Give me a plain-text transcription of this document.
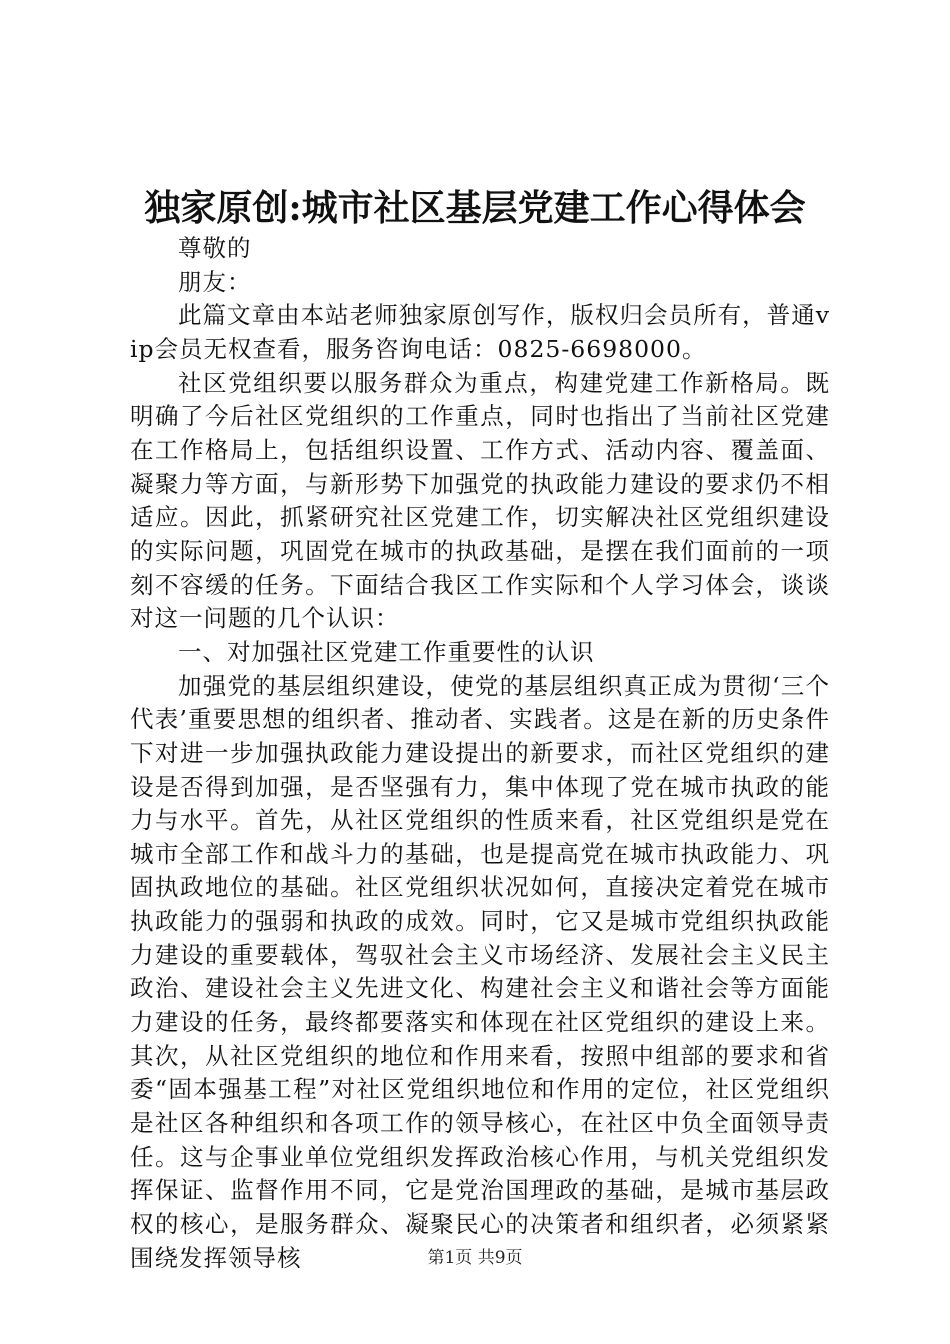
独家原创:城市社区基层党建工作心得体会

尊敬的

朋友：

此篇文章由本站老师独家原创写作，版权归会员所有，普通vip会员无权查看，服务咨询电话：0825-6698000。

社区党组织要以服务群众为重点，构建党建工作新格局。既明确了今后社区党组织的工作重点，同时也指出了当前社区党建在工作格局上，包括组织设置、工作方式、活动内容、覆盖面、凝聚力等方面，与新形势下加强党的执政能力建设的要求仍不相适应。因此，抓紧研究社区党建工作，切实解决社区党组织建设的实际问题，巩固党在城市的执政基础，是摆在我们面前的一项刻不容缓的任务。下面结合我区工作实际和个人学习体会，谈谈对这一问题的几个认识：

一、对加强社区党建工作重要性的认识

加强党的基层组织建设，使党的基层组织真正成为贯彻‘三个代表’重要思想的组织者、推动者、实践者。这是在新的历史条件下对进一步加强执政能力建设提出的新要求，而社区党组织的建设是否得到加强，是否坚强有力，集中体现了党在城市执政的能力与水平。首先，从社区党组织的性质来看，社区党组织是党在城市全部工作和战斗力的基础，也是提高党在城市执政能力、巩固执政地位的基础。社区党组织状况如何，直接决定着党在城市执政能力的强弱和执政的成效。同时，它又是城市党组织执政能力建设的重要载体，驾驭社会主义市场经济、发展社会主义民主政治、建设社会主义先进文化、构建社会主义和谐社会等方面能力建设的任务，最终都要落实和体现在社区党组织的建设上来。其次，从社区党组织的地位和作用来看，按照中组部的要求和省委“固本强基工程”对社区党组织地位和作用的定位，社区党组织是社区各种组织和各项工作的领导核心，在社区中负全面领导责任。这与企事业单位党组织发挥政治核心作用，与机关党组织发挥保证、监督作用不同，它是党治国理政的基础，是城市基层政权的核心，是服务群众、凝聚民心的决策者和组织者，必须紧紧围绕发挥领导核	第1页 共9页
